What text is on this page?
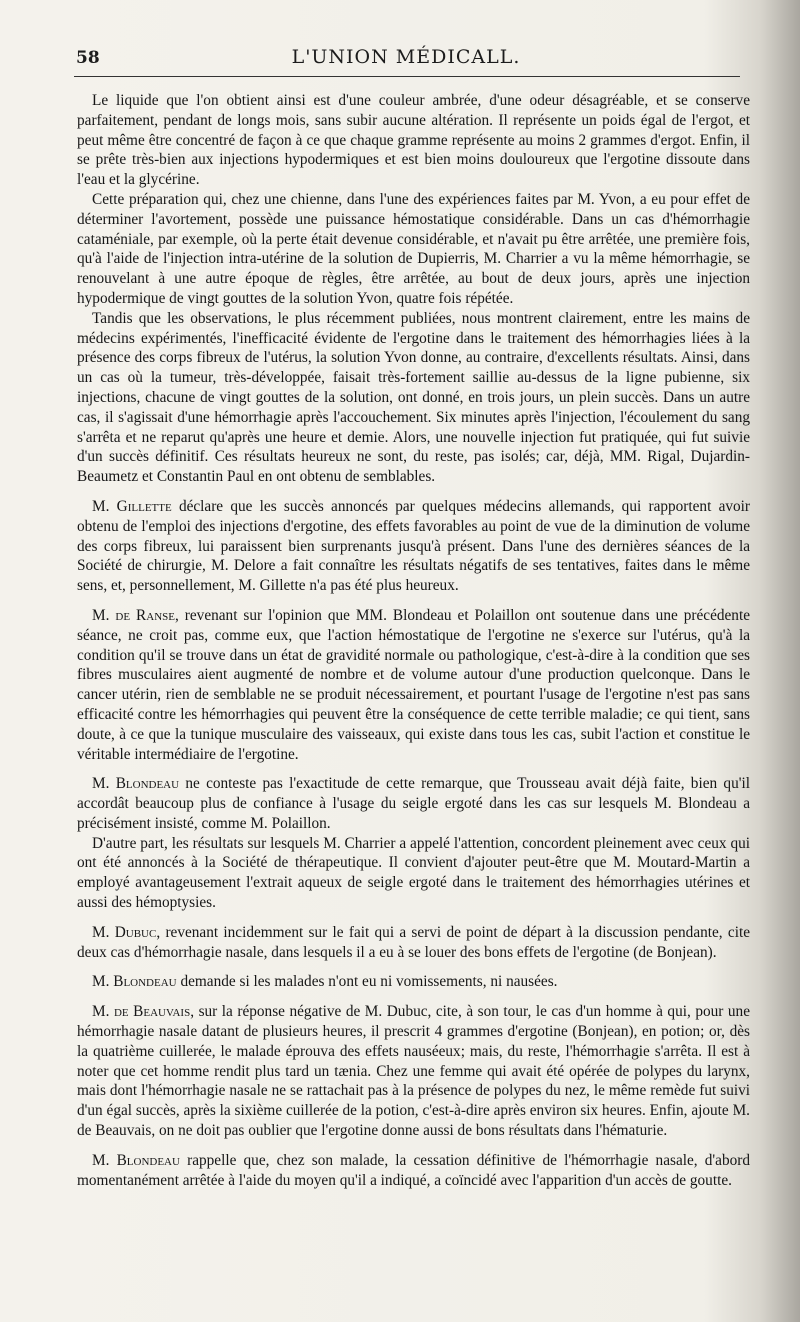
58	L'UNION MÉDICALL.

Le liquide que l'on obtient ainsi est d'une couleur ambrée, d'une odeur désagréable, et se conserve parfaitement, pendant de longs mois, sans subir aucune altération. Il représente un poids égal de l'ergot, et peut même être concentré de façon à ce que chaque gramme représente au moins 2 grammes d'ergot. Enfin, il se prête très-bien aux injections hypodermiques et est bien moins douloureux que l'ergotine dissoute dans l'eau et la glycérine.

Cette préparation qui, chez une chienne, dans l'une des expériences faites par M. Yvon, a eu pour effet de déterminer l'avortement, possède une puissance hémostatique considérable. Dans un cas d'hémorrhagie cataméniale, par exemple, où la perte était devenue considérable, et n'avait pu être arrêtée, une première fois, qu'à l'aide de l'injection intra-utérine de la solution de Dupierris, M. Charrier a vu la même hémorrhagie, se renouvelant à une autre époque de règles, être arrêtée, au bout de deux jours, après une injection hypodermique de vingt gouttes de la solution Yvon, quatre fois répétée.

Tandis que les observations, le plus récemment publiées, nous montrent clairement, entre les mains de médecins expérimentés, l'inefficacité évidente de l'ergotine dans le traitement des hémorrhagies liées à la présence des corps fibreux de l'utérus, la solution Yvon donne, au contraire, d'excellents résultats. Ainsi, dans un cas où la tumeur, très-développée, faisait très-fortement saillie au-dessus de la ligne pubienne, six injections, chacune de vingt gouttes de la solution, ont donné, en trois jours, un plein succès. Dans un autre cas, il s'agissait d'une hémorrhagie après l'accouchement. Six minutes après l'injection, l'écoulement du sang s'arrêta et ne reparut qu'après une heure et demie. Alors, une nouvelle injection fut pratiquée, qui fut suivie d'un succès définitif. Ces résultats heureux ne sont, du reste, pas isolés; car, déjà, MM. Rigal, Dujardin-Beaumetz et Constantin Paul en ont obtenu de semblables.

M. Gillette déclare que les succès annoncés par quelques médecins allemands, qui rapportent avoir obtenu de l'emploi des injections d'ergotine, des effets favorables au point de vue de la diminution de volume des corps fibreux, lui paraissent bien surprenants jusqu'à présent. Dans l'une des dernières séances de la Société de chirurgie, M. Delore a fait connaître les résultats négatifs de ses tentatives, faites dans le même sens, et, personnellement, M. Gillette n'a pas été plus heureux.

M. de Ranse, revenant sur l'opinion que MM. Blondeau et Polaillon ont soutenue dans une précédente séance, ne croit pas, comme eux, que l'action hémostatique de l'ergotine ne s'exerce sur l'utérus, qu'à la condition qu'il se trouve dans un état de gravidité normale ou pathologique, c'est-à-dire à la condition que ses fibres musculaires aient augmenté de nombre et de volume autour d'une production quelconque. Dans le cancer utérin, rien de semblable ne se produit nécessairement, et pourtant l'usage de l'ergotine n'est pas sans efficacité contre les hémorrhagies qui peuvent être la conséquence de cette terrible maladie; ce qui tient, sans doute, à ce que la tunique musculaire des vaisseaux, qui existe dans tous les cas, subit l'action et constitue le véritable intermédiaire de l'ergotine.

M. Blondeau ne conteste pas l'exactitude de cette remarque, que Trousseau avait déjà faite, bien qu'il accordât beaucoup plus de confiance à l'usage du seigle ergoté dans les cas sur lesquels M. Blondeau a précisément insisté, comme M. Polaillon.

D'autre part, les résultats sur lesquels M. Charrier a appelé l'attention, concordent pleinement avec ceux qui ont été annoncés à la Société de thérapeutique. Il convient d'ajouter peut-être que M. Moutard-Martin a employé avantageusement l'extrait aqueux de seigle ergoté dans le traitement des hémorrhagies utérines et aussi des hémoptysies.

M. Dubuc, revenant incidemment sur le fait qui a servi de point de départ à la discussion pendante, cite deux cas d'hémorrhagie nasale, dans lesquels il a eu à se louer des bons effets de l'ergotine (de Bonjean).

M. Blondeau demande si les malades n'ont eu ni vomissements, ni nausées.

M. de Beauvais, sur la réponse négative de M. Dubuc, cite, à son tour, le cas d'un homme à qui, pour une hémorrhagie nasale datant de plusieurs heures, il prescrit 4 grammes d'ergotine (Bonjean), en potion; or, dès la quatrième cuillerée, le malade éprouva des effets nauséeux; mais, du reste, l'hémorrhagie s'arrêta. Il est à noter que cet homme rendit plus tard un tænia. Chez une femme qui avait été opérée de polypes du larynx, mais dont l'hémorrhagie nasale ne se rattachait pas à la présence de polypes du nez, le même remède fut suivi d'un égal succès, après la sixième cuillerée de la potion, c'est-à-dire après environ six heures. Enfin, ajoute M. de Beauvais, on ne doit pas oublier que l'ergotine donne aussi de bons résultats dans l'hématurie.

M. Blondeau rappelle que, chez son malade, la cessation définitive de l'hémorrhagie nasale, d'abord momentanément arrêtée à l'aide du moyen qu'il a indiqué, a coïncidé avec l'apparition d'un accès de goutte.
